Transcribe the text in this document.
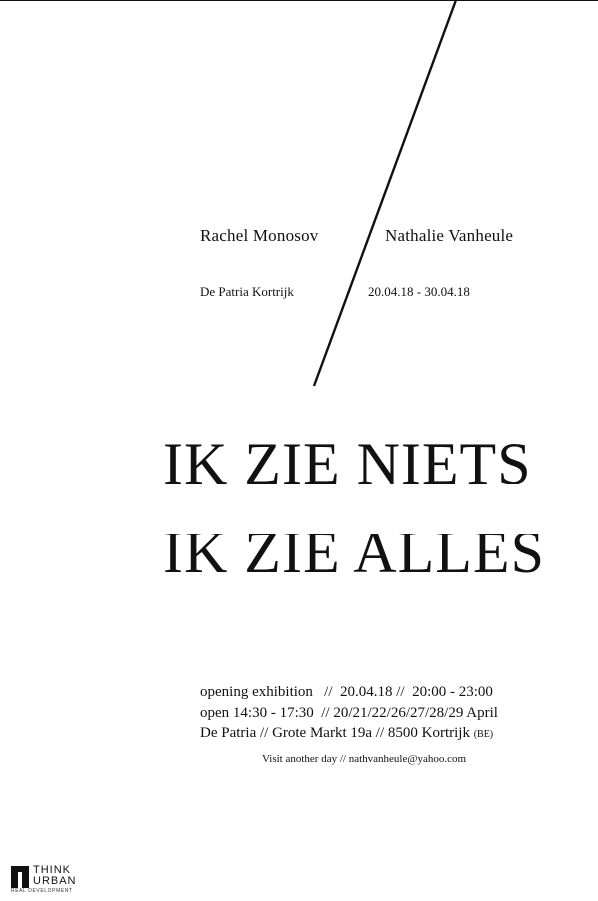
Rachel Monosov	Nathalie Vanheule
De Patria Kortrijk	20.04.18 - 30.04.18
IK ZIE NIETS
IK ZIE ALLES
opening exhibition   //  20.04.18 //  20:00 - 23:00
open 14:30 - 17:30  // 20/21/22/26/27/28/29 April
De Patria // Grote Markt 19a // 8500 Kortrijk (BE)
Visit another day // nathvanheule@yahoo.com
THINK
URBAN
REAL DEVELOPMENT
